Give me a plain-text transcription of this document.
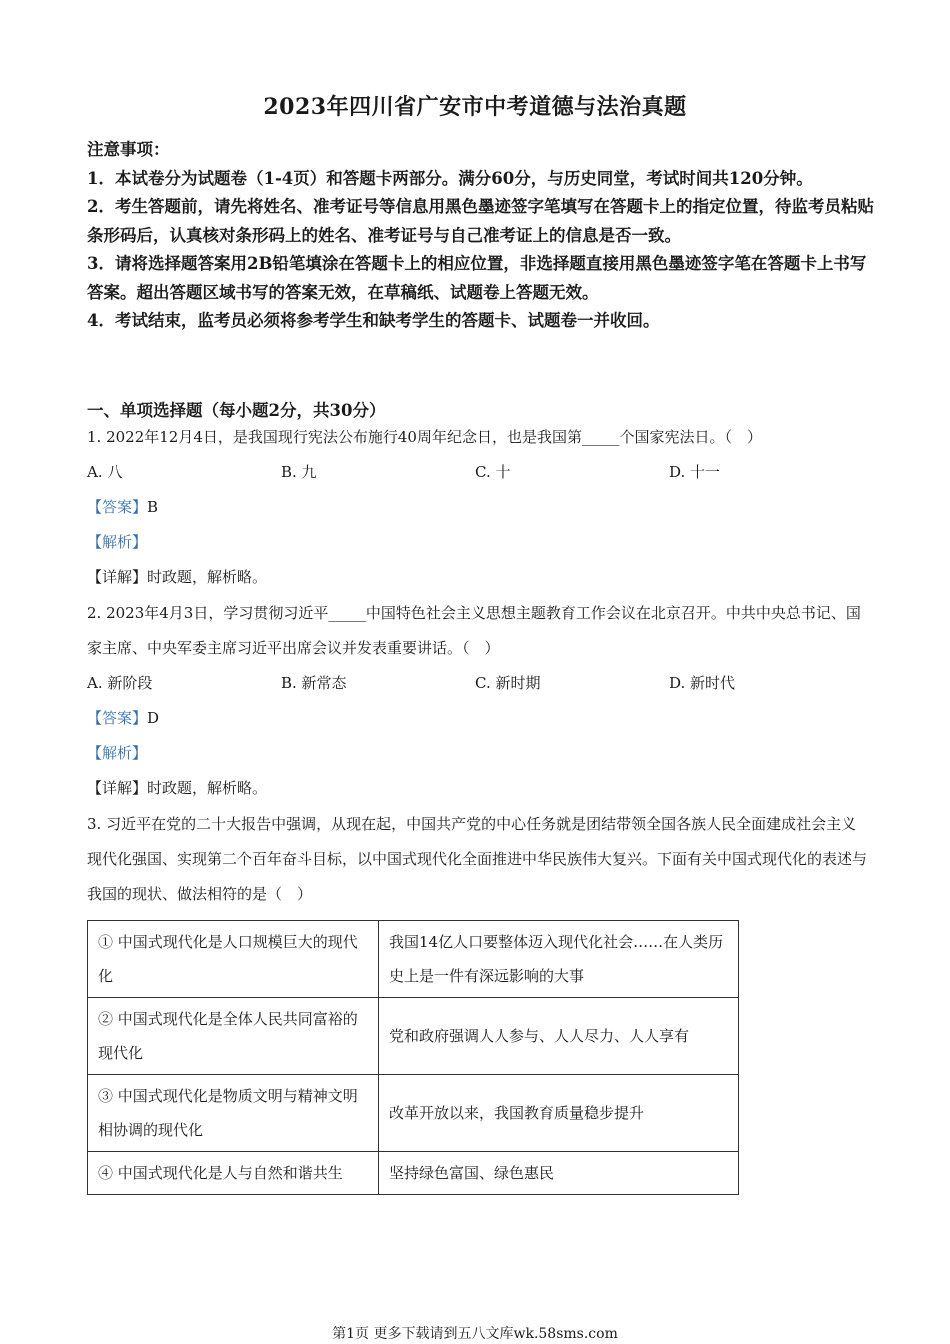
2023年四川省广安市中考道德与法治真题

注意事项：

1．本试卷分为试题卷（1-4页）和答题卡两部分。满分60分，与历史同堂，考试时间共120分钟。

2．考生答题前，请先将姓名、准考证号等信息用黑色墨迹签字笔填写在答题卡上的指定位置，待监考员粘贴条形码后，认真核对条形码上的姓名、准考证号与自己准考证上的信息是否一致。

3．请将选择题答案用2B铅笔填涂在答题卡上的相应位置，非选择题直接用黑色墨迹签字笔在答题卡上书写答案。超出答题区域书写的答案无效，在草稿纸、试题卷上答题无效。

4．考试结束，监考员必须将参考学生和缺考学生的答题卡、试题卷一并收回。

一、单项选择题（每小题2分，共30分）

1. 2022年12月4日，是我国现行宪法公布施行40周年纪念日，也是我国第_____个国家宪法日。（　）

A. 八	B. 九	C. 十	D. 十一

【答案】B

【解析】

【详解】时政题，解析略。

2. 2023年4月3日，学习贯彻习近平_____中国特色社会主义思想主题教育工作会议在北京召开。中共中央总书记、国家主席、中央军委主席习近平出席会议并发表重要讲话。（　）

A. 新阶段	B. 新常态	C. 新时期	D. 新时代

【答案】D

【解析】

【详解】时政题，解析略。

3. 习近平在党的二十大报告中强调，从现在起，中国共产党的中心任务就是团结带领全国各族人民全面建成社会主义现代化强国、实现第二个百年奋斗目标，以中国式现代化全面推进中华民族伟大复兴。下面有关中国式现代化的表述与我国的现状、做法相符的是（　）

① 中国式现代化是人口规模巨大的现代化	我国14亿人口要整体迈入现代化社会……在人类历史上是一件有深远影响的大事
② 中国式现代化是全体人民共同富裕的现代化	党和政府强调人人参与、人人尽力、人人享有
③ 中国式现代化是物质文明与精神文明相协调的现代化	改革开放以来，我国教育质量稳步提升
④ 中国式现代化是人与自然和谐共生	坚持绿色富国、绿色惠民
第1页 更多下载请到五八文库wk.58sms.com
